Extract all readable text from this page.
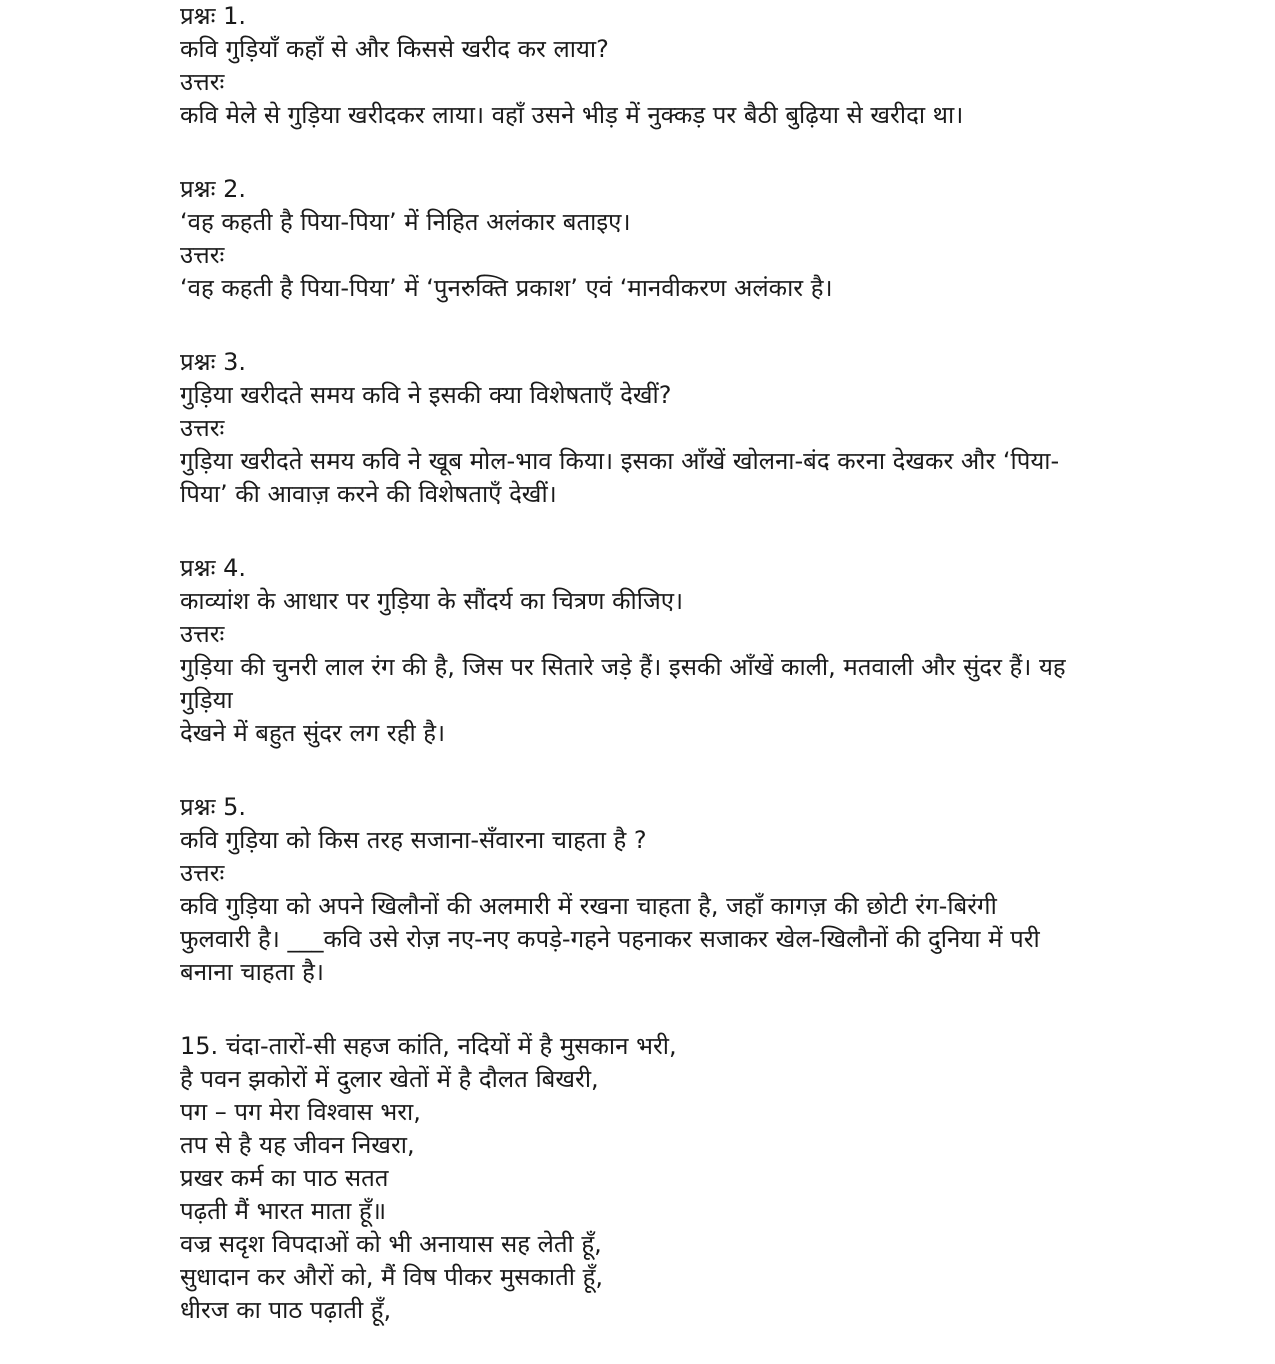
प्रश्नः 1.
कवि गुड़ियाँ कहाँ से और किससे खरीद कर लाया?
उत्तरः
कवि मेले से गुड़िया खरीदकर लाया। वहाँ उसने भीड़ में नुक्कड़ पर बैठी बुढ़िया से खरीदा था।
प्रश्नः 2.
‘वह कहती है पिया-पिया’ में निहित अलंकार बताइए।
उत्तरः
‘वह कहती है पिया-पिया’ में ‘पुनरुक्ति प्रकाश’ एवं ‘मानवीकरण अलंकार है।
प्रश्नः 3.
गुड़िया खरीदते समय कवि ने इसकी क्या विशेषताएँ देखीं?
उत्तरः
गुड़िया खरीदते समय कवि ने खूब मोल-भाव किया। इसका आँखें खोलना-बंद करना देखकर और ‘पिया-
पिया’ की आवाज़ करने की विशेषताएँ देखीं।
प्रश्नः 4.
काव्यांश के आधार पर गुड़िया के सौंदर्य का चित्रण कीजिए।
उत्तरः
गुड़िया की चुनरी लाल रंग की है, जिस पर सितारे जड़े हैं। इसकी आँखें काली, मतवाली और सुंदर हैं। यह
गुड़िया
देखने में बहुत सुंदर लग रही है।
प्रश्नः 5.
कवि गुड़िया को किस तरह सजाना-सँवारना चाहता है ?
उत्तरः
कवि गुड़िया को अपने खिलौनों की अलमारी में रखना चाहता है, जहाँ कागज़ की छोटी रंग-बिरंगी
फुलवारी है। ___कवि उसे रोज़ नए-नए कपड़े-गहने पहनाकर सजाकर खेल-खिलौनों की दुनिया में परी
बनाना चाहता है।
15. चंदा-तारों-सी सहज कांति, नदियों में है मुसकान भरी,
है पवन झकोरों में दुलार खेतों में है दौलत बिखरी,
पग – पग मेरा विश्वास भरा,
तप से है यह जीवन निखरा,
प्रखर कर्म का पाठ सतत
पढ़ती मैं भारत माता हूँ॥
वज्र सदृश विपदाओं को भी अनायास सह लेती हूँ,
सुधादान कर औरों को, मैं विष पीकर मुसकाती हूँ,
धीरज का पाठ पढ़ाती हूँ,
